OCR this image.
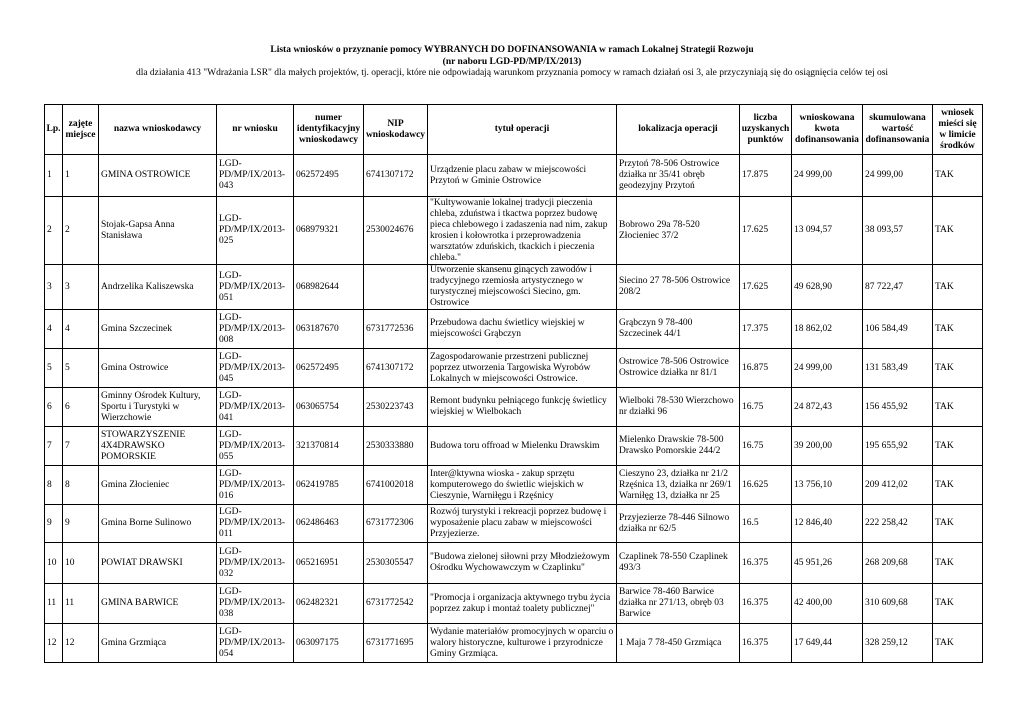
Lista wniosków o przyznanie pomocy WYBRANYCH DO DOFINANSOWANIA w ramach Lokalnej Strategii Rozwoju
(nr naboru LGD-PD/MP/IX/2013)
dla działania 413 "Wdrażania LSR" dla małych projektów, tj. operacji, które nie odpowiadają warunkom przyznania pomocy w ramach działań osi 3, ale przyczyniają się do osiągnięcia celów tej osi
Lp.	zajęte miejsce	nazwa wnioskodawcy	nr wniosku	numer identyfikacyjny wnioskodawcy	NIP wnioskodawcy	tytuł operacji	lokalizacja operacji	liczba uzyskanych punktów	wnioskowana kwota dofinansowania	skumulowana wartość dofinansowania	wniosek mieści się w limicie środków
1	1	GMINA OSTROWICE	LGD-PD/MP/IX/2013-043	062572495	6741307172	Urządzenie placu zabaw w miejscowości Przytoń w Gminie Ostrowice	Przytoń 78-506 Ostrowice działka nr 35/41 obręb geodezyjny Przytoń	17.875	24 999,00	24 999,00	TAK
2	2	Stojak-Gapsa Anna Stanisława	LGD-PD/MP/IX/2013-025	068979321	2530024676	"Kultywowanie lokalnej tradycji pieczenia chleba, zduństwa i tkactwa poprzez budowę pieca chlebowego i zadaszenia nad nim, zakup krosien i kołowrotka i przeprowadzenia warsztatów zduńskich, tkackich i pieczenia chleba."	Bobrowo 29a 78-520 Złocieniec 37/2	17.625	13 094,57	38 093,57	TAK
3	3	Andrzelika Kaliszewska	LGD-PD/MP/IX/2013-051	068982644		Utworzenie skansenu ginących zawodów i tradycyjnego rzemiosła artystycznego w turystycznej miejscowości Siecino, gm. Ostrowice	Siecino 27 78-506 Ostrowice 208/2	17.625	49 628,90	87 722,47	TAK
4	4	Gmina Szczecinek	LGD-PD/MP/IX/2013-008	063187670	6731772536	Przebudowa dachu świetlicy wiejskiej w miejscowości Grąbczyn	Grąbczyn 9 78-400 Szczecinek 44/1	17.375	18 862,02	106 584,49	TAK
5	5	Gmina Ostrowice	LGD-PD/MP/IX/2013-045	062572495	6741307172	Zagospodarowanie przestrzeni publicznej poprzez utworzenia Targowiska Wyrobów Lokalnych w miejscowości Ostrowice.	Ostrowice 78-506 Ostrowice Ostrowice działka nr 81/1	16.875	24 999,00	131 583,49	TAK
6	6	Gminny Ośrodek Kultury, Sportu i Turystyki w Wierzchowie	LGD-PD/MP/IX/2013-041	063065754	2530223743	Remont budynku pełniącego funkcję świetlicy wiejskiej w Wielbokach	Wielboki 78-530 Wierzchowo nr działki 96	16.75	24 872,43	156 455,92	TAK
7	7	STOWARZYSZENIE 4X4DRAWSKO POMORSKIE	LGD-PD/MP/IX/2013-055	321370814	2530333880	Budowa toru offroad w Mielenku Drawskim	Mielenko Drawskie 78-500 Drawsko Pomorskie 244/2	16.75	39 200,00	195 655,92	TAK
8	8	Gmina Złocieniec	LGD-PD/MP/IX/2013-016	062419785	6741002018	Inter@ktywna wioska - zakup sprzętu komputerowego do świetlic wiejskich w Cieszynie, Warniłęgu i Rzęśnicy	Cieszyno 23, działka nr 21/2 Rzęśnica 13, działka nr 269/1 Warniłęg 13, działka nr 25	16.625	13 756,10	209 412,02	TAK
9	9	Gmina Borne Sulinowo	LGD-PD/MP/IX/2013-011	062486463	6731772306	Rozwój turystyki i rekreacji poprzez budowę i wyposażenie placu zabaw w miejscowości Przyjezierze.	Przyjezierze 78-446 Silnowo działka nr 62/5	16.5	12 846,40	222 258,42	TAK
10	10	POWIAT DRAWSKI	LGD-PD/MP/IX/2013-032	065216951	2530305547	"Budowa zielonej siłowni przy Młodzieżowym Ośrodku Wychowawczym w Czaplinku"	Czaplinek 78-550 Czaplinek 493/3	16.375	45 951,26	268 209,68	TAK
11	11	GMINA BARWICE	LGD-PD/MP/IX/2013-038	062482321	6731772542	"Promocja i organizacja aktywnego trybu życia poprzez zakup i montaż toalety publicznej"	Barwice 78-460 Barwice działka nr 271/13, obręb 03 Barwice	16.375	42 400,00	310 609,68	TAK
12	12	Gmina Grzmiąca	LGD-PD/MP/IX/2013-054	063097175	6731771695	Wydanie materiałów promocyjnych w oparciu o walory historyczne, kulturowe i przyrodnicze Gminy Grzmiąca.	1 Maja 7 78-450 Grzmiąca	16.375	17 649,44	328 259,12	TAK
